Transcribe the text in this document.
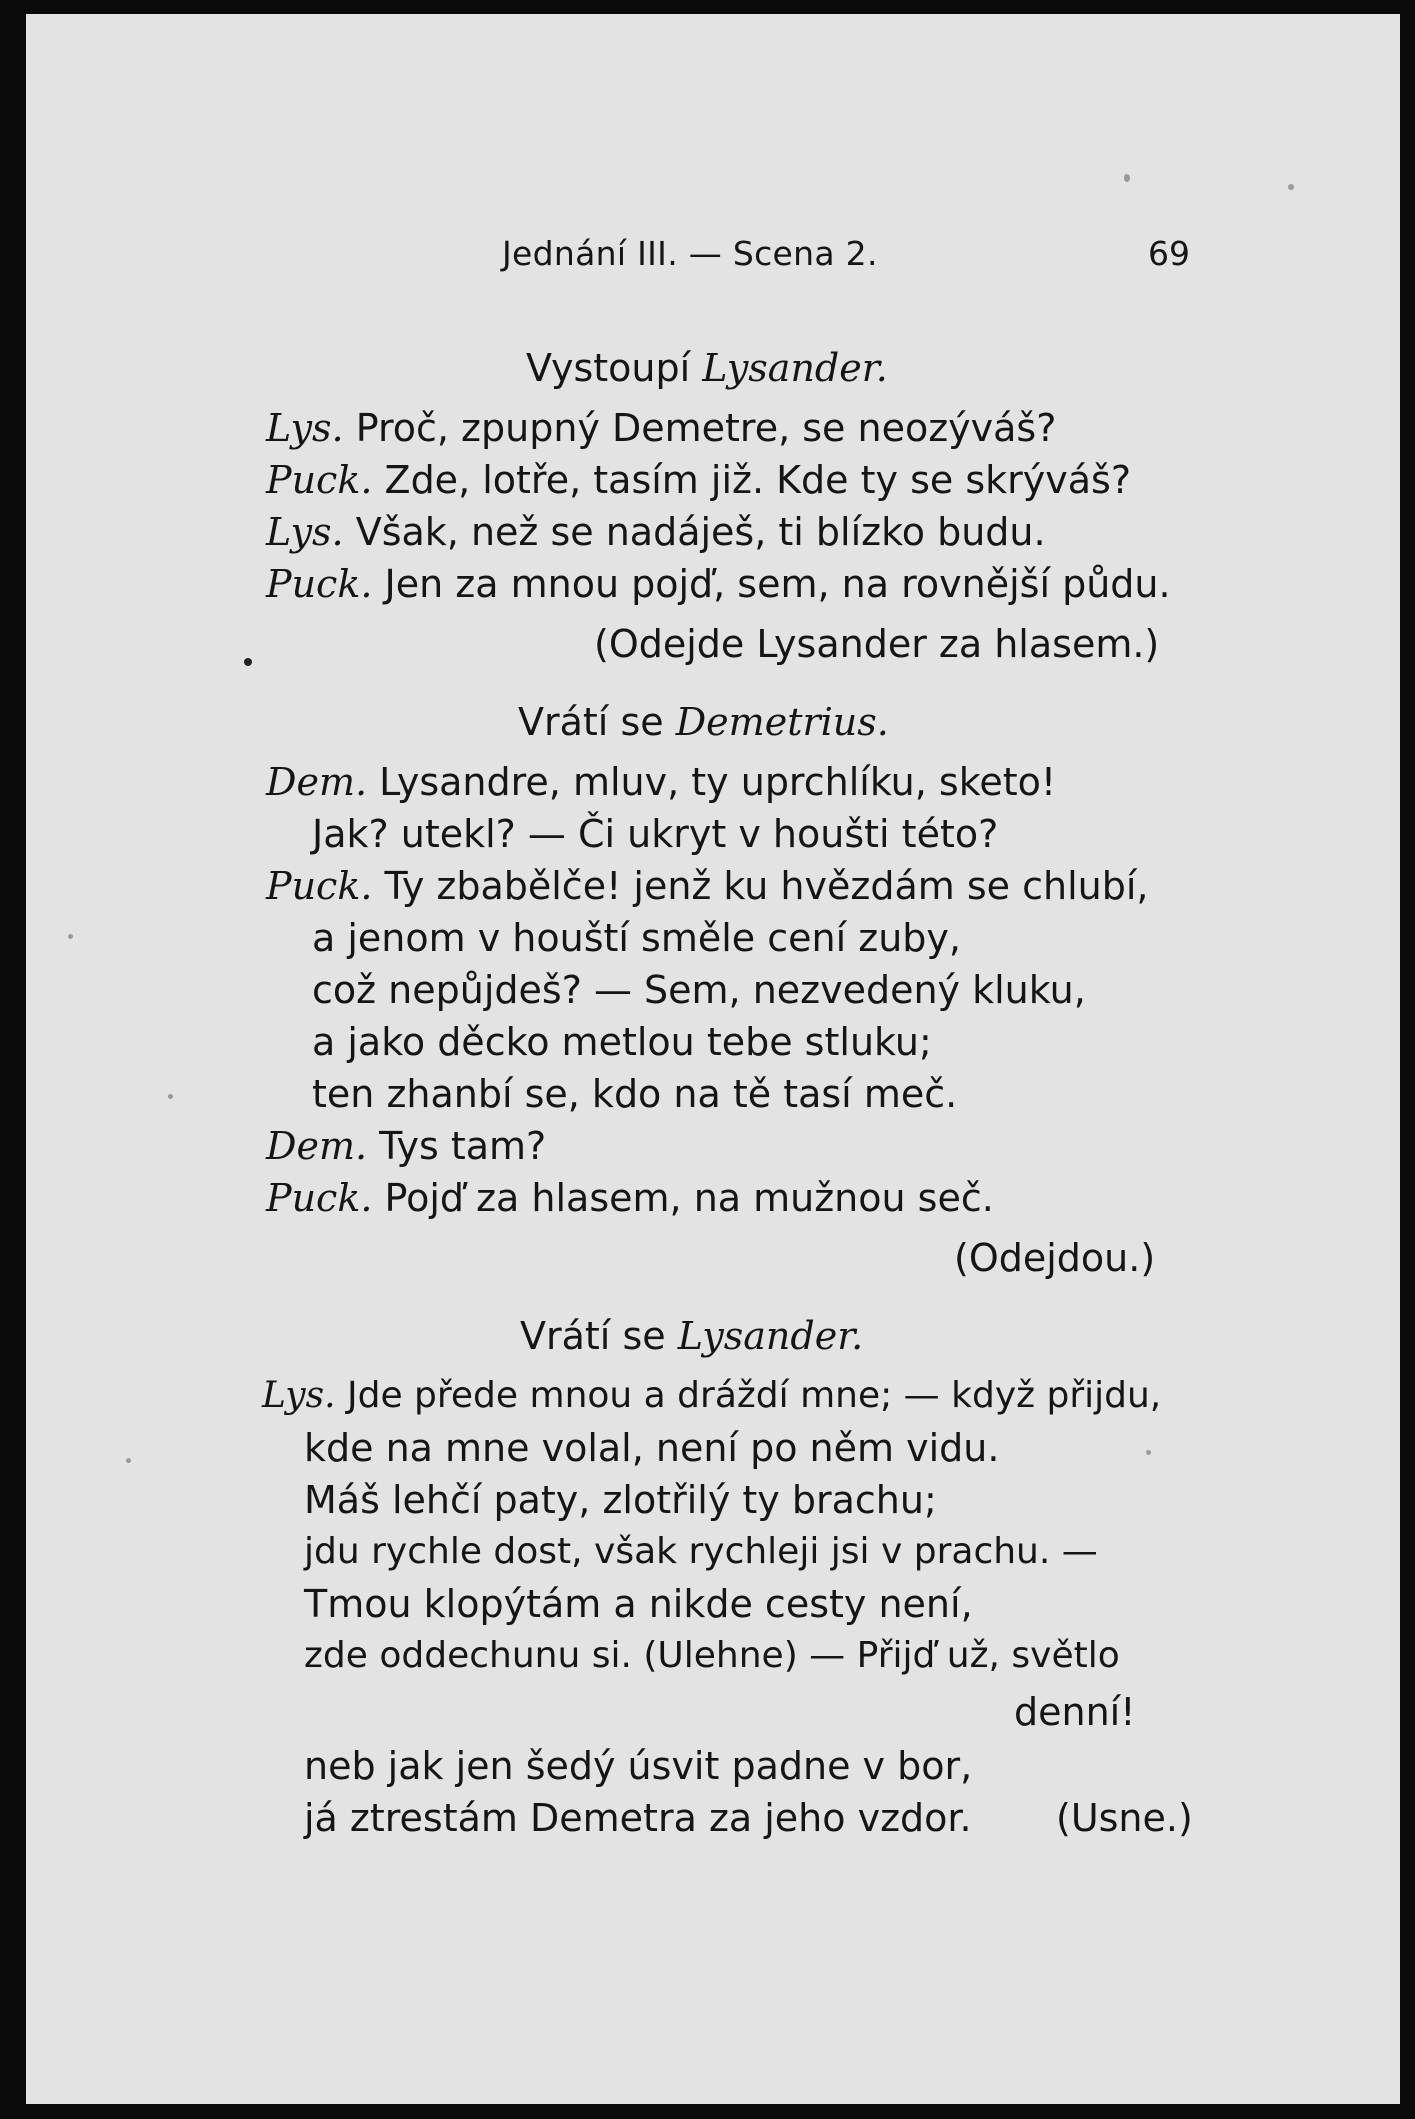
Jednání III. — Scena 2.	69
Vystoupí Lysander.
Lys. Proč, zpupný Demetre, se neozýváš?
Puck. Zde, lotře, tasím již. Kde ty se skrýváš?
Lys. Však, než se nadáješ, ti blízko budu.
Puck. Jen za mnou pojď, sem, na rovnější půdu.
(Odejde Lysander za hlasem.)
Vrátí se Demetrius.
Dem. Lysandre, mluv, ty uprchlíku, sketo!
Jak? utekl? — Či ukryt v houšti této?
Puck. Ty zbabělče! jenž ku hvězdám se chlubí,
a jenom v houští směle cení zuby,
což nepůjdeš? — Sem, nezvedený kluku,
a jako děcko metlou tebe stluku;
ten zhanbí se, kdo na tě tasí meč.
Dem. Tys tam?
Puck. Pojď za hlasem, na mužnou seč.
(Odejdou.)
Vrátí se Lysander.
Lys. Jde přede mnou a dráždí mne; — když přijdu,
kde na mne volal, není po něm vidu.
Máš lehčí paty, zlotřilý ty brachu;
jdu rychle dost, však rychleji jsi v prachu. —
Tmou klopýtám a nikde cesty není,
zde oddechunu si. (Ulehne) — Přijď už, světlo
denní!
neb jak jen šedý úsvit padne v bor,
já ztrestám Demetra za jeho vzdor.	(Usne.)
